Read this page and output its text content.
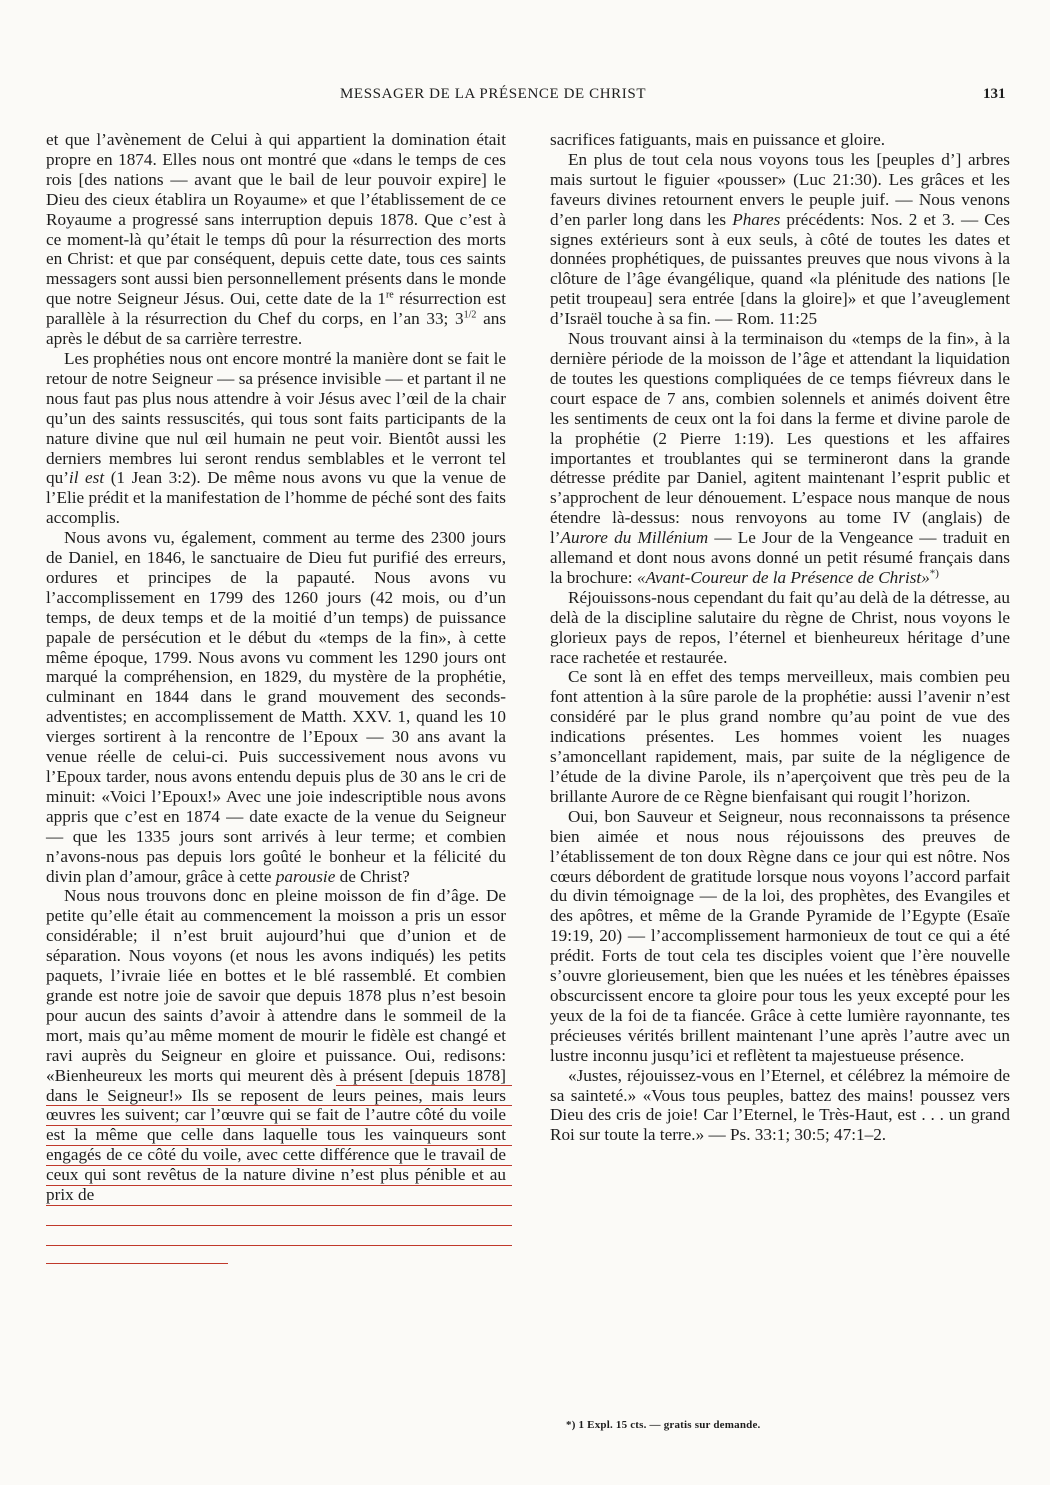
MESSAGER DE LA PRÉSENCE DE CHRIST	131

et que l’avènement de Celui à qui appartient la domination était propre en 1874. Elles nous ont montré que «dans le temps de ces rois [des nations — avant que le bail de leur pouvoir expire] le Dieu des cieux établira un Royaume» et que l’établissement de ce Royaume a progressé sans interruption depuis 1878. Que c’est à ce moment-là qu’était le temps dû pour la résurrection des morts en Christ: et que par conséquent, depuis cette date, tous ces saints messagers sont aussi bien personnellement présents dans le monde que notre Seigneur Jésus. Oui, cette date de la 1re résurrection est parallèle à la résurrection du Chef du corps, en l’an 33; $3^{1/2}$ ans après le début de sa carrière terrestre.

Les prophéties nous ont encore montré la manière dont se fait le retour de notre Seigneur — sa présence invisible — et partant il ne nous faut pas plus nous attendre à voir Jésus avec l’œil de la chair qu’un des saints ressuscités, qui tous sont faits participants de la nature divine que nul œil humain ne peut voir. Bientôt aussi les derniers membres lui seront rendus semblables et le verront tel qu’il est (1 Jean 3:2). De même nous avons vu que la venue de l’Elie prédit et la manifestation de l’homme de péché sont des faits accomplis.

Nous avons vu, également, comment au terme des 2300 jours de Daniel, en 1846, le sanctuaire de Dieu fut purifié des erreurs, ordures et principes de la papauté. Nous avons vu l’accomplissement en 1799 des 1260 jours (42 mois, ou d’un temps, de deux temps et de la moitié d’un temps) de puissance papale de persécution et le début du «temps de la fin», à cette même époque, 1799. Nous avons vu comment les 1290 jours ont marqué la compréhension, en 1829, du mystère de la prophétie, culminant en 1844 dans le grand mouvement des seconds-adventistes; en accomplissement de Matth. XXV. 1, quand les 10 vierges sortirent à la rencontre de l’Epoux — 30 ans avant la venue réelle de celui-ci. Puis successivement nous avons vu l’Epoux tarder, nous avons entendu depuis plus de 30 ans le cri de minuit: «Voici l’Epoux!» Avec une joie indescriptible nous avons appris que c’est en 1874 — date exacte de la venue du Seigneur — que les 1335 jours sont arrivés à leur terme; et combien n’avons-nous pas depuis lors goûté le bonheur et la félicité du divin plan d’amour, grâce à cette parousie de Christ?

Nous nous trouvons donc en pleine moisson de fin d’âge. De petite qu’elle était au commencement la moisson a pris un essor considérable; il n’est bruit aujourd’hui que d’union et de séparation. Nous voyons (et nous les avons indiqués) les petits paquets, l’ivraie liée en bottes et le blé rassemblé. Et combien grande est notre joie de savoir que depuis 1878 plus n’est besoin pour aucun des saints d’avoir à attendre dans le sommeil de la mort, mais qu’au même moment de mourir le fidèle est changé et ravi auprès du Seigneur en gloire et puissance. Oui, redisons: «Bienheureux les morts qui meurent dès à présent [depuis 1878] dans le Seigneur!» Ils se reposent de leurs peines, mais leurs œuvres les suivent; car l’œuvre qui se fait de l’autre côté du voile est la même que celle dans laquelle tous les vainqueurs sont engagés de ce côté du voile, avec cette différence que le travail de ceux qui sont revêtus de la nature divine n’est plus pénible et au prix de

sacrifices fatiguants, mais en puissance et gloire.

En plus de tout cela nous voyons tous les [peuples d’] arbres mais surtout le figuier «pousser» (Luc 21:30). Les grâces et les faveurs divines retournent envers le peuple juif. — Nous venons d’en parler long dans les Phares précédents: Nos. 2 et 3. — Ces signes extérieurs sont à eux seuls, à côté de toutes les dates et données prophétiques, de puissantes preuves que nous vivons à la clôture de l’âge évangélique, quand «la plénitude des nations [le petit troupeau] sera entrée [dans la gloire]» et que l’aveuglement d’Israël touche à sa fin. — Rom. 11:25

Nous trouvant ainsi à la terminaison du «temps de la fin», à la dernière période de la moisson de l’âge et attendant la liquidation de toutes les questions compliquées de ce temps fiévreux dans le court espace de 7 ans, combien solennels et animés doivent être les sentiments de ceux ont la foi dans la ferme et divine parole de la prophétie (2 Pierre 1:19). Les questions et les affaires importantes et troublantes qui se termineront dans la grande détresse prédite par Daniel, agitent maintenant l’esprit public et s’approchent de leur dénouement. L’espace nous manque de nous étendre là-dessus: nous renvoyons au tome IV (anglais) de l’Aurore du Millénium — Le Jour de la Vengeance — traduit en allemand et dont nous avons donné un petit résumé français dans la brochure: «Avant-Coureur de la Présence de Christ»*)

Réjouissons-nous cependant du fait qu’au delà de la détresse, au delà de la discipline salutaire du règne de Christ, nous voyons le glorieux pays de repos, l’éternel et bienheureux héritage d’une race rachetée et restaurée.

Ce sont là en effet des temps merveilleux, mais combien peu font attention à la sûre parole de la prophétie: aussi l’avenir n’est considéré par le plus grand nombre qu’au point de vue des indications présentes. Les hommes voient les nuages s’amoncellant rapidement, mais, par suite de la négligence de l’étude de la divine Parole, ils n’aperçoivent que très peu de la brillante Aurore de ce Règne bienfaisant qui rougit l’horizon.

Oui, bon Sauveur et Seigneur, nous reconnaissons ta présence bien aimée et nous nous réjouissons des preuves de l’établissement de ton doux Règne dans ce jour qui est nôtre. Nos cœurs débordent de gratitude lorsque nous voyons l’accord parfait du divin témoignage — de la loi, des prophètes, des Evangiles et des apôtres, et même de la Grande Pyramide de l’Egypte (Esaïe 19:19, 20) — l’accomplissement harmonieux de tout ce qui a été prédit. Forts de tout cela tes disciples voient que l’ère nouvelle s’ouvre glorieusement, bien que les nuées et les ténèbres épaisses obscurcissent encore ta gloire pour tous les yeux excepté pour les yeux de la foi de ta fiancée. Grâce à cette lumière rayonnante, tes précieuses vérités brillent maintenant l’une après l’autre avec un lustre inconnu jusqu’ici et reflètent ta majestueuse présence.

«Justes, réjouissez-vous en l’Eternel, et célébrez la mémoire de sa sainteté.» «Vous tous peuples, battez des mains! poussez vers Dieu des cris de joie! Car l’Eternel, le Très-Haut, est . . . un grand Roi sur toute la terre.» — Ps. 33:1; 30:5; 47:1–2.

*) 1 Expl. 15 cts. — gratis sur demande.
